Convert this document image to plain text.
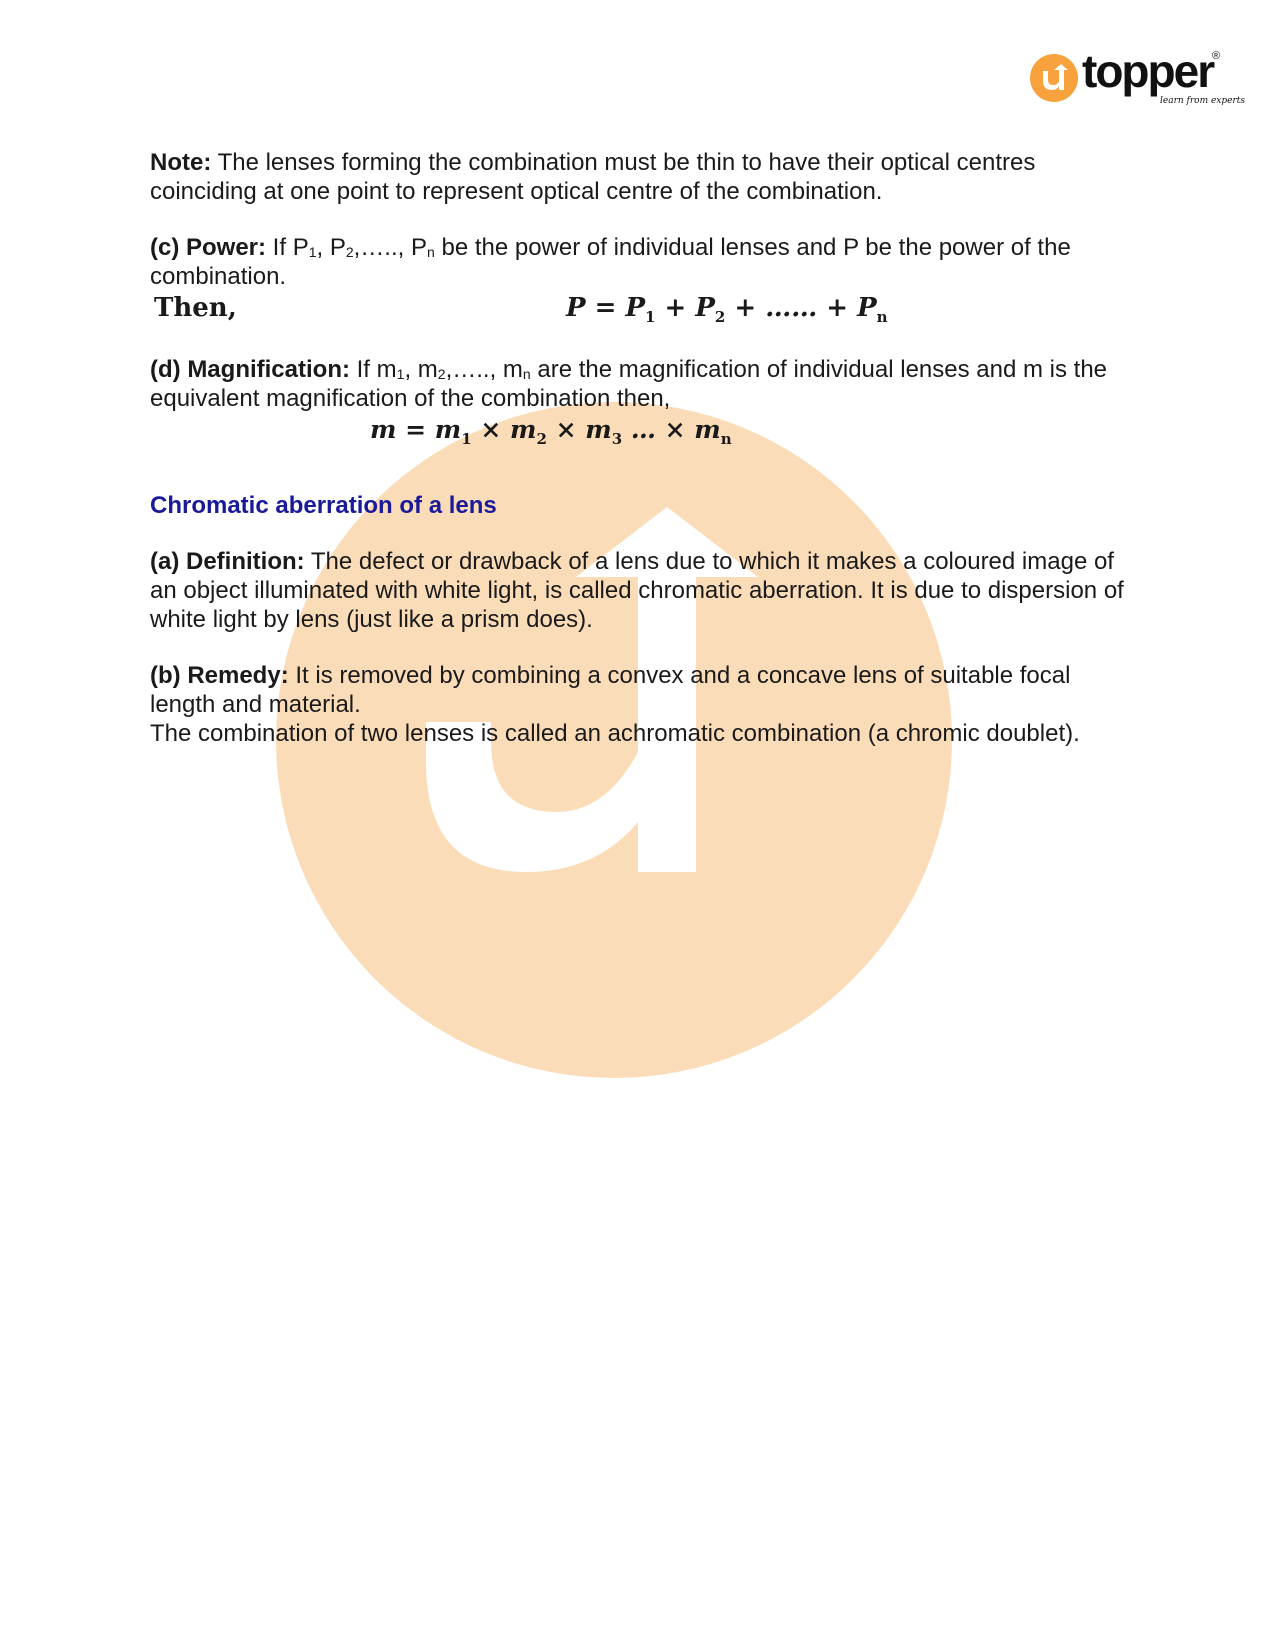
topper
®
learn from experts

Note: The lenses forming the combination must be thin to have their optical centres coinciding at one point to represent optical centre of the combination.

(c) Power: If $P_1$, $P_2,\dots$.., $P_n$ be the power of individual lenses and P be the power of the combination.

Then,	$P = P_1 + P_2$ + …… + $P_n$

(d) Magnification: If $m_1$, $m_2,\dots$.., $m_n$ are the magnification of individual lenses and m is the equivalent magnification of the combination then,

$m = m_1 \times m_2 \times m_3$ … × $m_n$

Chromatic aberration of a lens

(a) Definition: The defect or drawback of a lens due to which it makes a coloured image of an object illuminated with white light, is called chromatic aberration. It is due to dispersion of white light by lens (just like a prism does).

(b) Remedy: It is removed by combining a convex and a concave lens of suitable focal length and material.

The combination of two lenses is called an achromatic combination (a chromic doublet).
